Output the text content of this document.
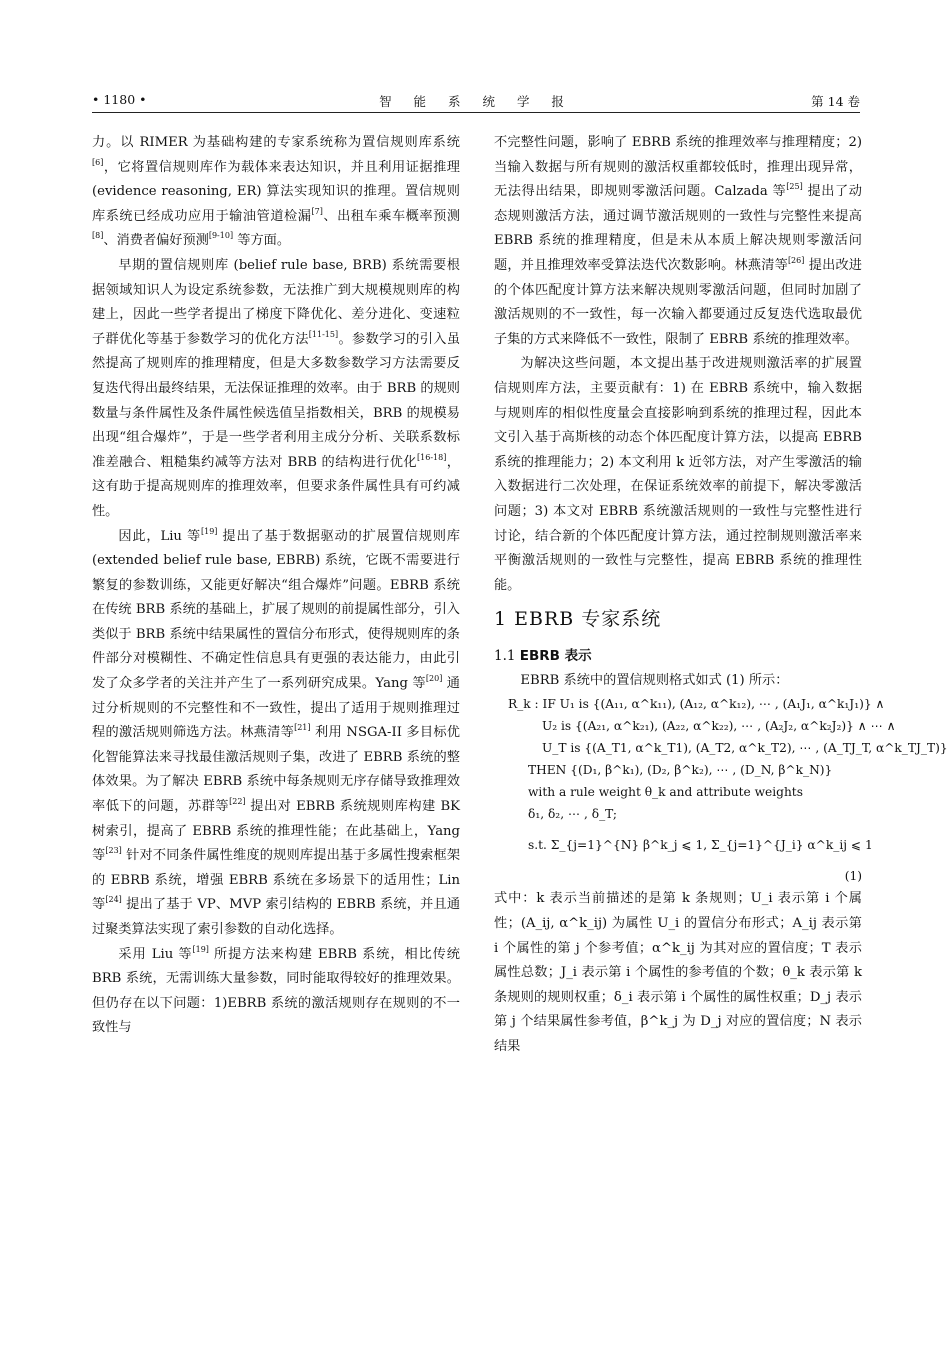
• 1180 •	智 能 系 统 学 报	第 14 卷

力。以 RIMER 为基础构建的专家系统称为置信规则库系统[6]，它将置信规则库作为载体来表达知识，并且利用证据推理 (evidence reasoning, ER) 算法实现知识的推理。置信规则库系统已经成功应用于输油管道检漏[7]、出租车乘车概率预测[8]、消费者偏好预测[9-10] 等方面。

早期的置信规则库 (belief rule base, BRB) 系统需要根据领域知识人为设定系统参数，无法推广到大规模规则库的构建上，因此一些学者提出了梯度下降优化、差分进化、变速粒子群优化等基于参数学习的优化方法[11-15]。参数学习的引入虽然提高了规则库的推理精度，但是大多数参数学习方法需要反复迭代得出最终结果，无法保证推理的效率。由于 BRB 的规则数量与条件属性及条件属性候选值呈指数相关，BRB 的规模易出现“组合爆炸”，于是一些学者利用主成分分析、关联系数标准差融合、粗糙集约减等方法对 BRB 的结构进行优化[16-18]，这有助于提高规则库的推理效率，但要求条件属性具有可约减性。

因此，Liu 等[19] 提出了基于数据驱动的扩展置信规则库 (extended belief rule base, EBRB) 系统，它既不需要进行繁复的参数训练，又能更好解决“组合爆炸”问题。EBRB 系统在传统 BRB 系统的基础上，扩展了规则的前提属性部分，引入类似于 BRB 系统中结果属性的置信分布形式，使得规则库的条件部分对模糊性、不确定性信息具有更强的表达能力，由此引发了众多学者的关注并产生了一系列研究成果。Yang 等[20] 通过分析规则的不完整性和不一致性，提出了适用于规则推理过程的激活规则筛选方法。林燕清等[21] 利用 NSGA-II 多目标优化智能算法来寻找最佳激活规则子集，改进了 EBRB 系统的整体效果。为了解决 EBRB 系统中每条规则无序存储导致推理效率低下的问题，苏群等[22] 提出对 EBRB 系统规则库构建 BK 树索引，提高了 EBRB 系统的推理性能；在此基础上，Yang 等[23] 针对不同条件属性维度的规则库提出基于多属性搜索框架的 EBRB 系统，增强 EBRB 系统在多场景下的适用性；Lin 等[24] 提出了基于 VP、MVP 索引结构的 EBRB 系统，并且通过聚类算法实现了索引参数的自动化选择。

采用 Liu 等[19] 所提方法来构建 EBRB 系统，相比传统 BRB 系统，无需训练大量参数，同时能取得较好的推理效果。但仍存在以下问题：1)EBRB 系统的激活规则存在规则的不一致性与

不完整性问题，影响了 EBRB 系统的推理效率与推理精度；2) 当输入数据与所有规则的激活权重都较低时，推理出现异常，无法得出结果，即规则零激活问题。Calzada 等[25] 提出了动态规则激活方法，通过调节激活规则的一致性与完整性来提高 EBRB 系统的推理精度，但是未从本质上解决规则零激活问题，并且推理效率受算法迭代次数影响。林燕清等[26] 提出改进的个体匹配度计算方法来解决规则零激活问题，但同时加剧了激活规则的不一致性，每一次输入都要通过反复迭代选取最优子集的方式来降低不一致性，限制了 EBRB 系统的推理效率。

为解决这些问题，本文提出基于改进规则激活率的扩展置信规则库方法，主要贡献有：1) 在 EBRB 系统中，输入数据与规则库的相似性度量会直接影响到系统的推理过程，因此本文引入基于高斯核的动态个体匹配度计算方法，以提高 EBRB 系统的推理能力；2) 本文利用 k 近邻方法，对产生零激活的输入数据进行二次处理，在保证系统效率的前提下，解决零激活问题；3) 本文对 EBRB 系统激活规则的一致性与完整性进行讨论，结合新的个体匹配度计算方法，通过控制规则激活率来平衡激活规则的一致性与完整性，提高 EBRB 系统的推理性能。

1 EBRB 专家系统

1.1 EBRB 表示

EBRB 系统中的置信规则格式如式 (1) 所示：

R_k : IF U₁ is {(A₁₁, α^k₁₁), (A₁₂, α^k₁₂), ⋯ , (A₁J₁, α^k₁J₁)} ∧
U₂ is {(A₂₁, α^k₂₁), (A₂₂, α^k₂₂), ⋯ , (A₂J₂, α^k₂J₂)} ∧ ⋯ ∧
U_T is {(A_T1, α^k_T1), (A_T2, α^k_T2), ⋯ , (A_TJ_T, α^k_TJ_T)}
THEN {(D₁, β^k₁), (D₂, β^k₂), ⋯ , (D_N, β^k_N)}
with a rule weight θ_k and attribute weights
δ₁, δ₂, ⋯ , δ_T;
s.t. Σ_{j=1}^{N} β^k_j ⩽ 1, Σ_{j=1}^{J_i} α^k_ij ⩽ 1
(1)

式中：k 表示当前描述的是第 k 条规则；U_i 表示第 i 个属性；(A_ij, α^k_ij) 为属性 U_i 的置信分布形式；A_ij 表示第 i 个属性的第 j 个参考值；α^k_ij 为其对应的置信度；T 表示属性总数；J_i 表示第 i 个属性的参考值的个数；θ_k 表示第 k 条规则的规则权重；δ_i 表示第 i 个属性的属性权重；D_j 表示第 j 个结果属性参考值，β^k_j 为 D_j 对应的置信度；N 表示结果
